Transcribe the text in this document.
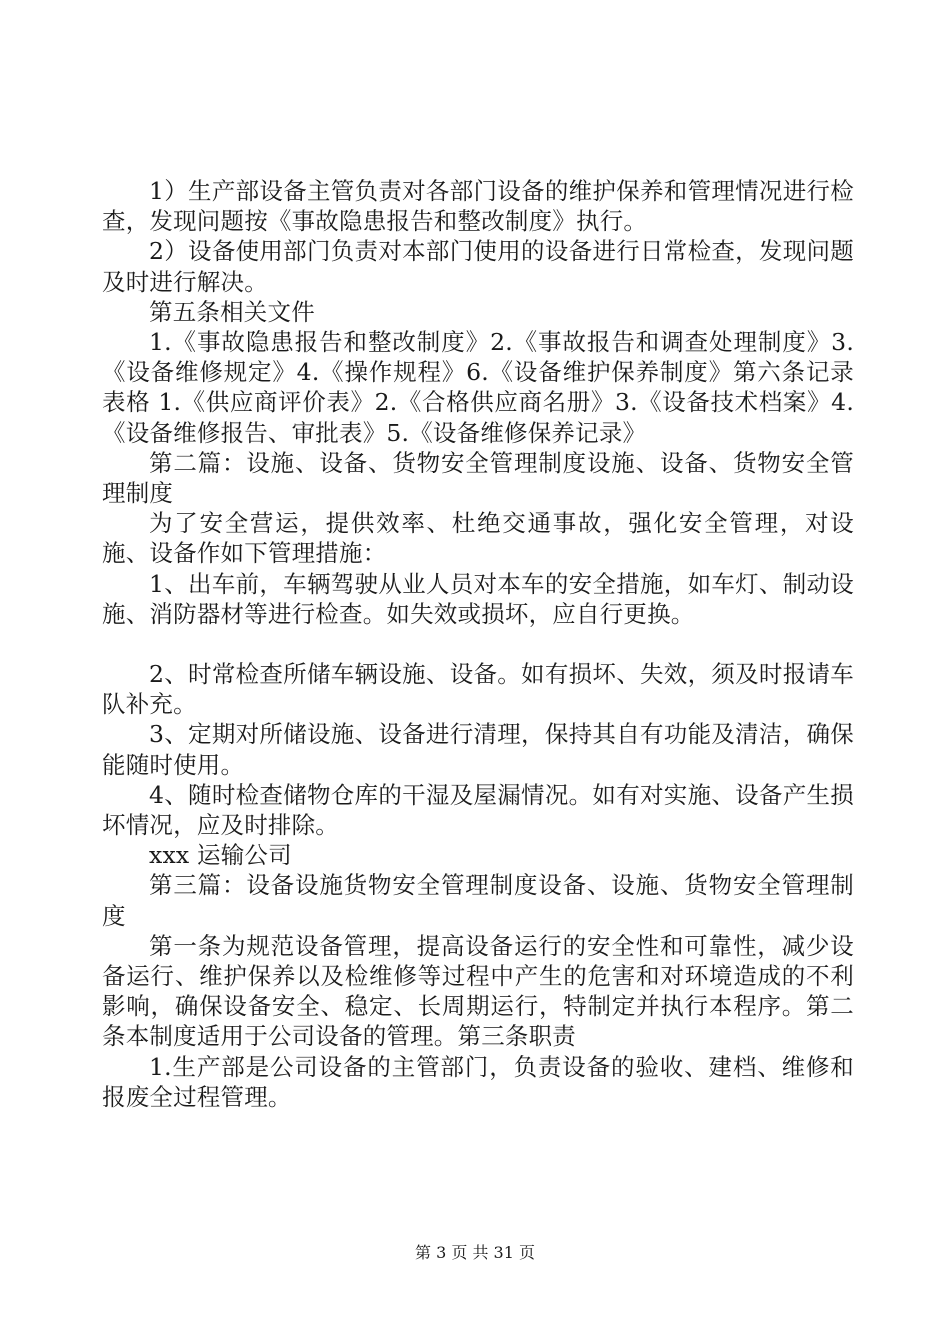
1）生产部设备主管负责对各部门设备的维护保养和管理情况进行检查，发现问题按《事故隐患报告和整改制度》执行。

2）设备使用部门负责对本部门使用的设备进行日常检查，发现问题及时进行解决。

第五条相关文件

1.《事故隐患报告和整改制度》2.《事故报告和调查处理制度》3.《设备维修规定》4.《操作规程》6.《设备维护保养制度》第六条记录表格 1.《供应商评价表》2.《合格供应商名册》3.《设备技术档案》4.《设备维修报告、审批表》5.《设备维修保养记录》

第二篇：设施、设备、货物安全管理制度设施、设备、货物安全管理制度

为了安全营运，提供效率、杜绝交通事故，强化安全管理，对设施、设备作如下管理措施：

1、出车前，车辆驾驶从业人员对本车的安全措施，如车灯、制动设施、消防器材等进行检查。如失效或损坏，应自行更换。

2、时常检查所储车辆设施、设备。如有损坏、失效，须及时报请车队补充。

3、定期对所储设施、设备进行清理，保持其自有功能及清洁，确保能随时使用。

4、随时检查储物仓库的干湿及屋漏情况。如有对实施、设备产生损坏情况，应及时排除。

xxx 运输公司

第三篇：设备设施货物安全管理制度设备、设施、货物安全管理制度

第一条为规范设备管理，提高设备运行的安全性和可靠性，减少设备运行、维护保养以及检维修等过程中产生的危害和对环境造成的不利影响，确保设备安全、稳定、长周期运行，特制定并执行本程序。第二条本制度适用于公司设备的管理。第三条职责

1.生产部是公司设备的主管部门，负责设备的验收、建档、维修和报废全过程管理。

第 3 页 共 31 页
